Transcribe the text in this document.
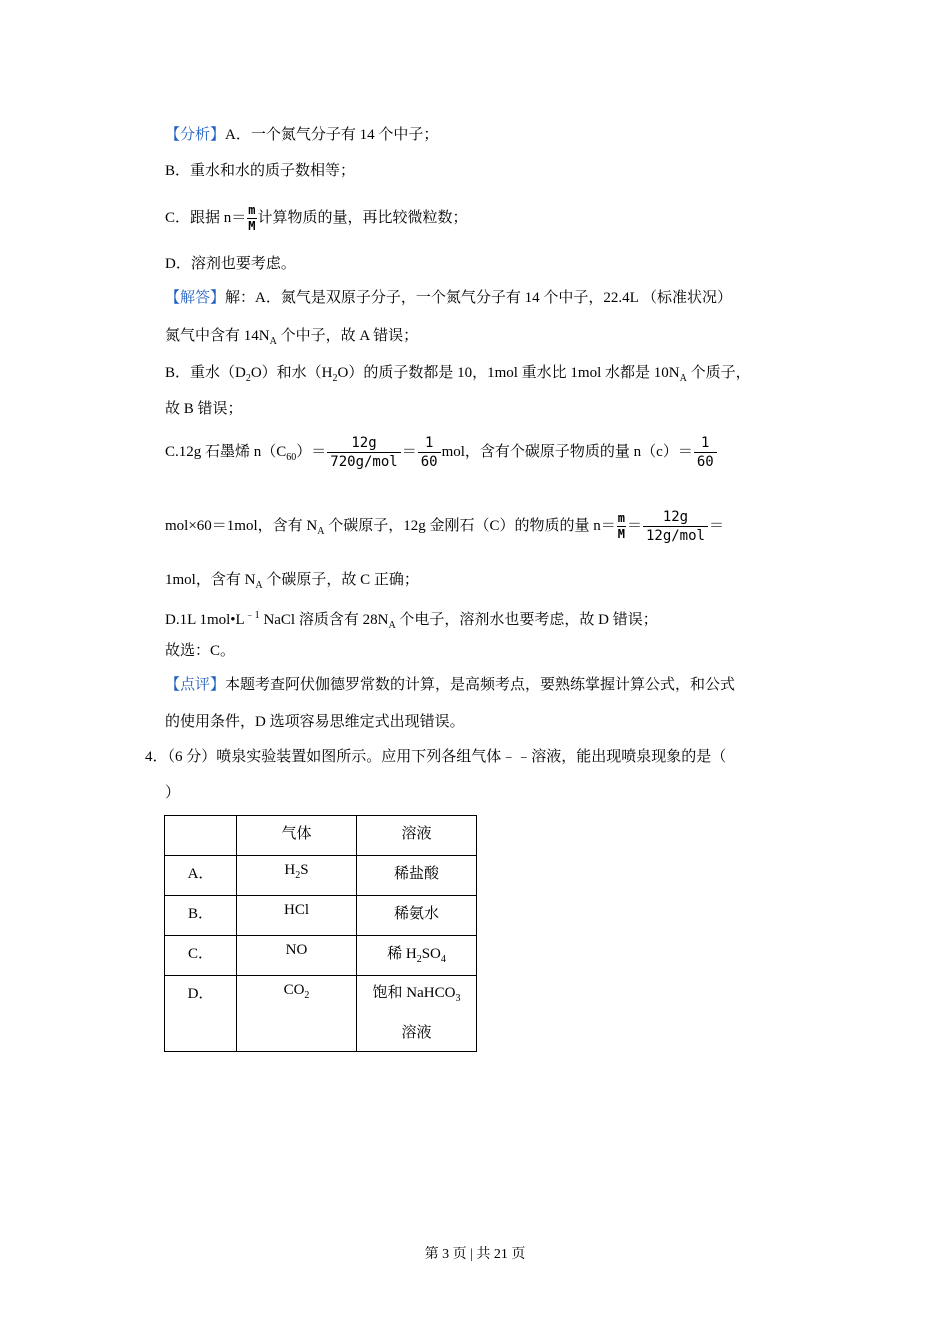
【分析】A．一个氮气分子有 14 个中子；
B．重水和水的质子数相等；
C．跟据 $n= \frac{m}{M}$ 计算物质的量，再比较微粒数；
D．溶剂也要考虑。
【解答】解：A．氮气是双原子分子，一个氮气分子有 14 个中子，22.4L （标准状况）
氮气中含有 $14N_A$ 个中子，故 A 错误；
B．重水$(D_2O)$和水$(H_2O)$的质子数都是 10，1mol 重水比 1mol 水都是 $10N_A$ 个质子，
故 B 错误；
C.12g 石墨烯 $n(C_{60})= \frac{12g}{\text{720g/mol}} = \frac{1}{60}$ mol，含有个碳原子物质的量 $n(c)= \frac{1}{60}$
mol×60＝1mol，含有 $N_A$ 个碳原子，12g 金刚石（C）的物质的量 $n= \frac{m}{M} = \frac{12g}{\text{12g/mol}}$ ＝
1mol，含有 $N_A$ 个碳原子，故 C 正确；
D.1L $1mol•L^{﹣1}$ NaCl 溶质含有 $28N_A$ 个电子，溶剂水也要考虑，故 D 错误；
故选：C。
【点评】本题考查阿伏伽德罗常数的计算，是高频考点，要熟练掌握计算公式，和公式
的使用条件，D 选项容易思维定式出现错误。
4．（6 分）喷泉实验装置如图所示。应用下列各组气体﹣﹣溶液，能出现喷泉现象的是（
）
	气体	溶液
A．	$H_2S$	稀盐酸
B．	HCl	稀氨水
C．	NO	稀 $H_2SO_4$
D．	$CO_2$	饱和 NaHCO$_3$
溶液
第 3 页 | 共 21 页
